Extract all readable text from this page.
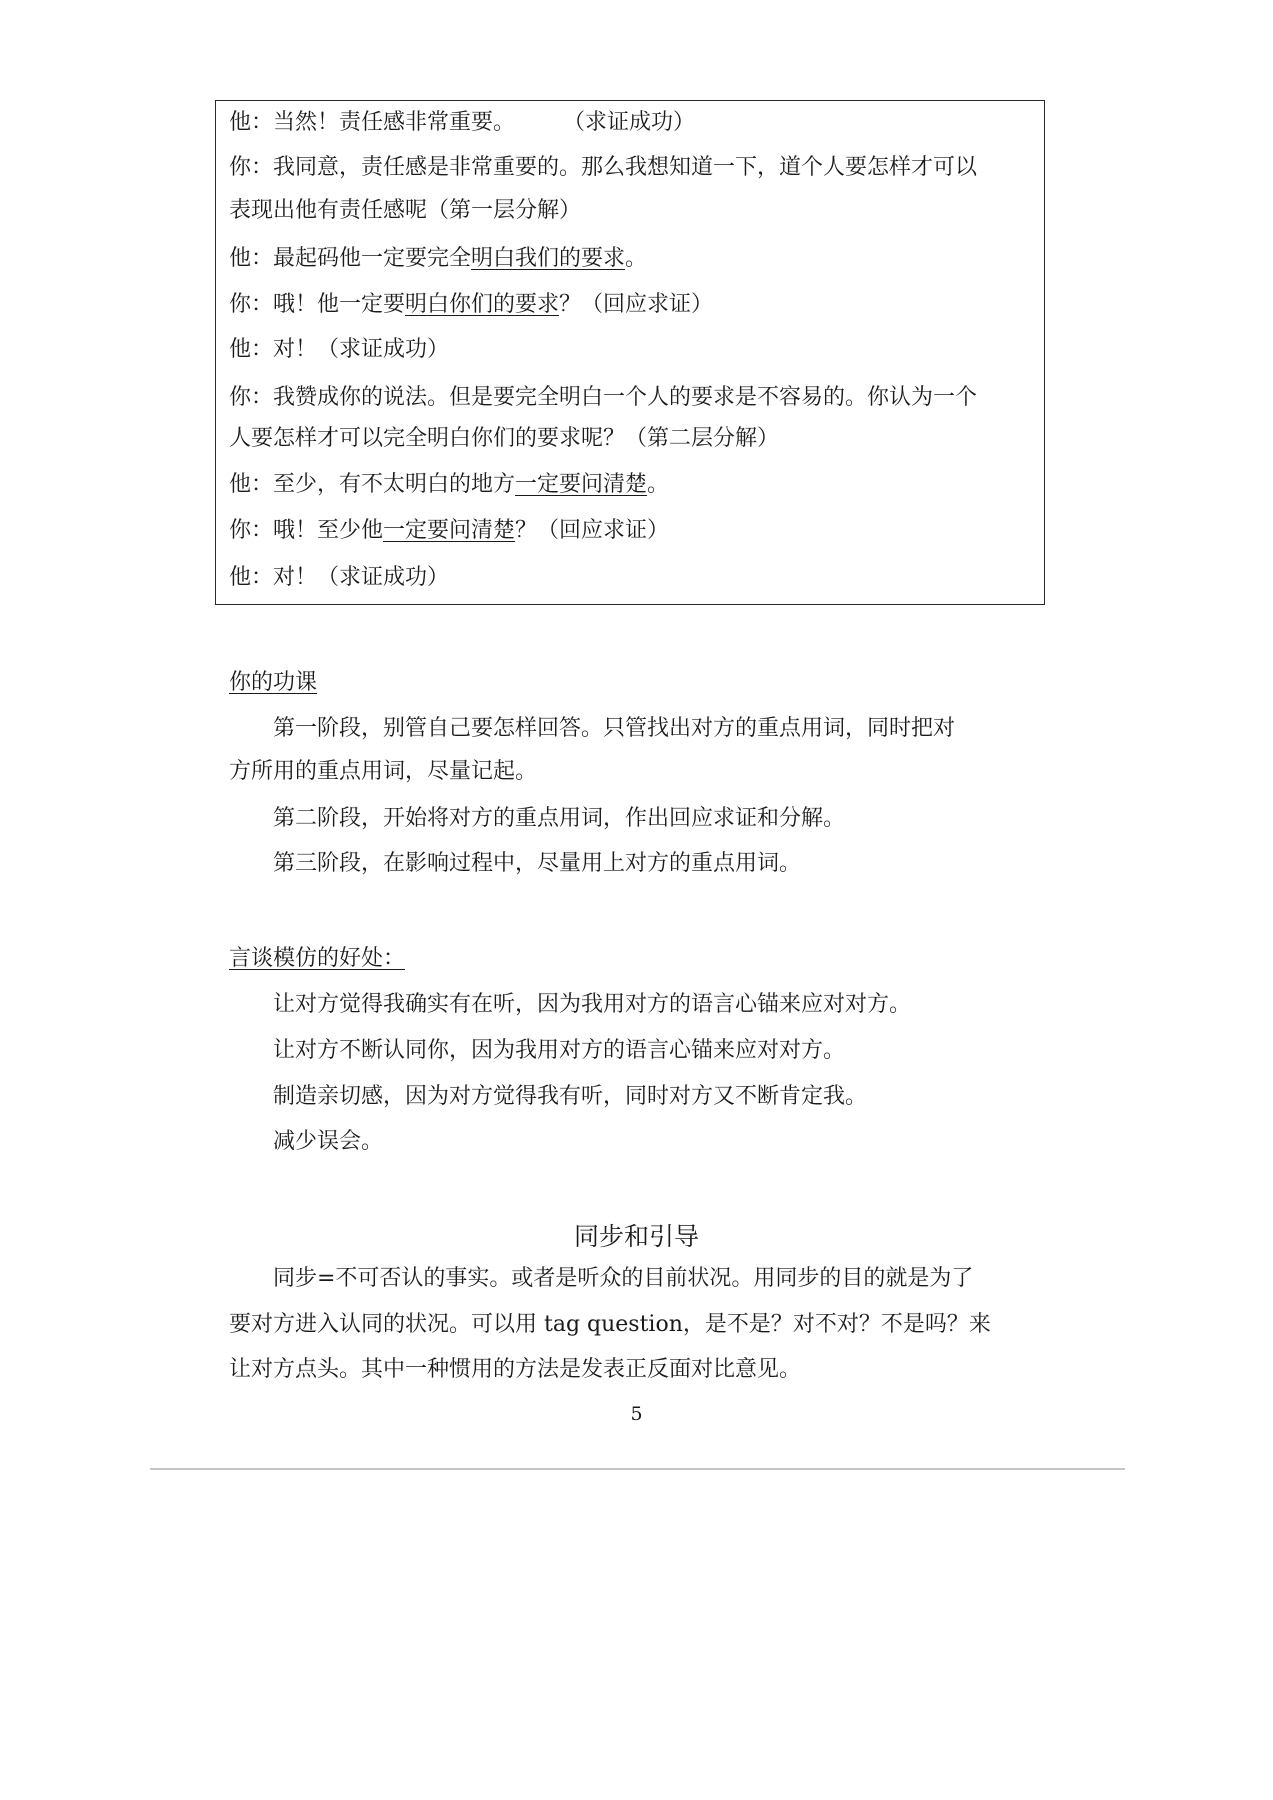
他：当然！责任感非常重要。 （求证成功）
你：我同意，责任感是非常重要的。那么我想知道一下，道个人要怎样才可以
表现出他有责任感呢（第一层分解）
他：最起码他一定要完全明白我们的要求。
你：哦！他一定要明白你们的要求？（回应求证）
他：对！（求证成功）
你：我赞成你的说法。但是要完全明白一个人的要求是不容易的。你认为一个
人要怎样才可以完全明白你们的要求呢？（第二层分解）
他：至少，有不太明白的地方一定要问清楚。
你：哦！至少他一定要问清楚？（回应求证）
他：对！（求证成功）
你的功课
第一阶段，别管自己要怎样回答。只管找出对方的重点用词，同时把对
方所用的重点用词，尽量记起。
第二阶段，开始将对方的重点用词，作出回应求证和分解。
第三阶段，在影响过程中，尽量用上对方的重点用词。
言谈模仿的好处：
让对方觉得我确实有在听，因为我用对方的语言心锚来应对对方。
让对方不断认同你，因为我用对方的语言心锚来应对对方。
制造亲切感，因为对方觉得我有听，同时对方又不断肯定我。
减少误会。
同步和引导
同步=不可否认的事实。或者是听众的目前状况。用同步的目的就是为了
要对方进入认同的状况。可以用 tag question，是不是？对不对？不是吗？来
让对方点头。其中一种惯用的方法是发表正反面对比意见。
5
